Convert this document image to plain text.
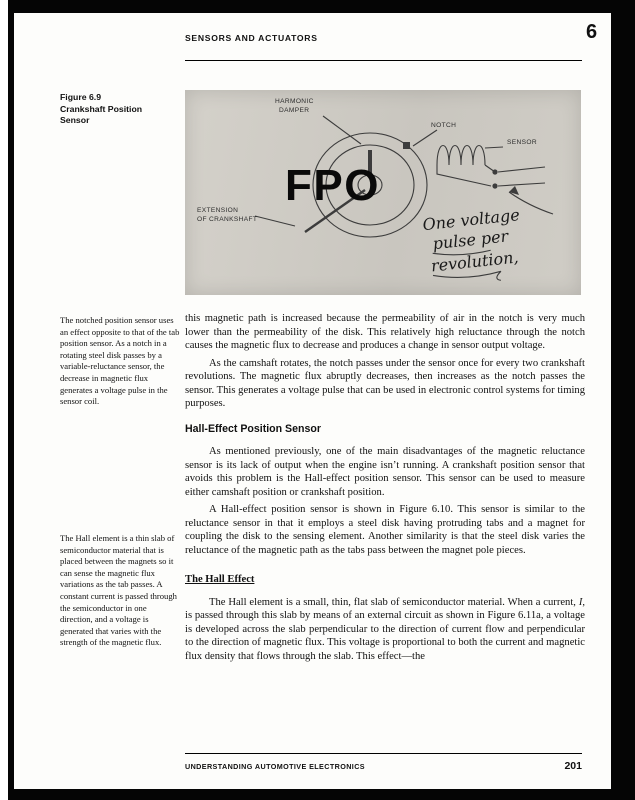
SENSORS AND ACTUATORS	6
Figure 6.9
Crankshaft Position
Sensor
HARMONIC
DAMPER
NOTCH
SENSOR
EXTENSION
OF CRANKSHAFT
FPO
One voltage
pulse per
revolution,
The notched position sensor uses an effect opposite to that of the tab position sensor. As a notch in a rotating steel disk passes by a variable-reluctance sensor, the decrease in magnetic flux generates a voltage pulse in the sensor coil.
The Hall element is a thin slab of semiconductor material that is placed between the magnets so it can sense the magnetic flux variations as the tab passes. A constant current is passed through the semiconductor in one direction, and a voltage is generated that varies with the strength of the magnetic flux.

this magnetic path is increased because the permeability of air in the notch is very much lower than the permeability of the disk. This relatively high reluctance through the notch causes the magnetic flux to decrease and produces a change in sensor output voltage.

As the camshaft rotates, the notch passes under the sensor once for every two crankshaft revolutions. The magnetic flux abruptly decreases, then increases as the notch passes the sensor. This generates a voltage pulse that can be used in electronic control systems for timing purposes.

Hall-Effect Position Sensor

As mentioned previously, one of the main disadvantages of the magnetic reluctance sensor is its lack of output when the engine isn’t running. A crankshaft position sensor that avoids this problem is the Hall-effect position sensor. This sensor can be used to measure either camshaft position or crankshaft position.

A Hall-effect position sensor is shown in Figure 6.10. This sensor is similar to the reluctance sensor in that it employs a steel disk having protruding tabs and a magnet for coupling the disk to the sensing element. Another similarity is that the steel disk varies the reluctance of the magnetic path as the tabs pass between the magnet pole pieces.

The Hall Effect

The Hall element is a small, thin, flat slab of semiconductor material. When a current, I, is passed through this slab by means of an external circuit as shown in Figure 6.11a, a voltage is developed across the slab perpendicular to the direction of current flow and perpendicular to the direction of magnetic flux. This voltage is proportional to both the current and magnetic flux density that flows through the slab. This effect—the

UNDERSTANDING AUTOMOTIVE ELECTRONICS	201
